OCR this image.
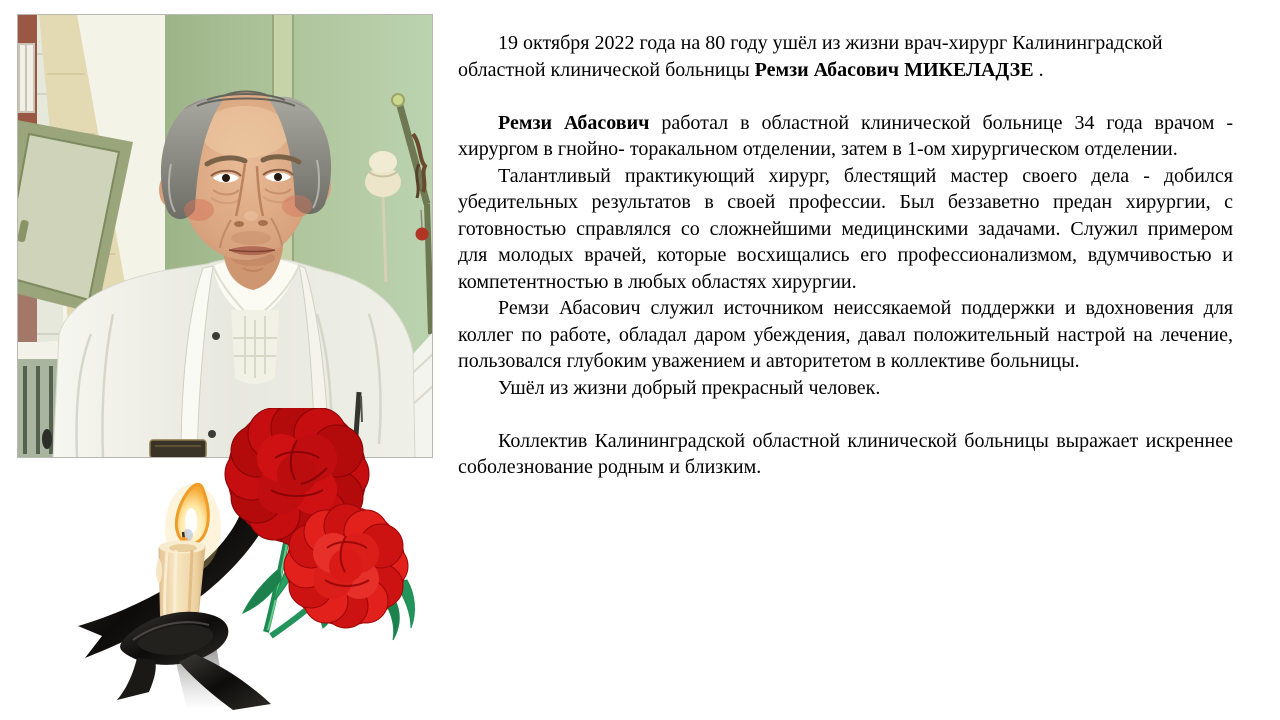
19 октября 2022 года на 80 году ушёл из жизни врач-хирург Калининградской областной клинической больницы Ремзи Абасович МИКЕЛАДЗЕ .

Ремзи Абасович работал в областной клинической больнице 34 года врачом - хирургом в гнойно- торакальном отделении, затем в 1-ом хирургическом отделении.

Талантливый практикующий хирург, блестящий мастер своего дела - добился убедительных результатов в своей профессии. Был беззаветно предан хирургии, с готовностью справлялся со сложнейшими медицинскими задачами. Служил примером для молодых врачей, которые восхищались его профессионализмом, вдумчивостью и компетентностью в любых областях хирургии.

Ремзи Абасович служил источником неиссякаемой поддержки и вдохновения для коллег по работе, обладал даром убеждения, давал положительный настрой на лечение, пользовался глубоким уважением и авторитетом в коллективе больницы.

Ушёл из жизни добрый прекрасный человек.

Коллектив Калининградской областной клинической больницы выражает искреннее соболезнование родным и близким.
